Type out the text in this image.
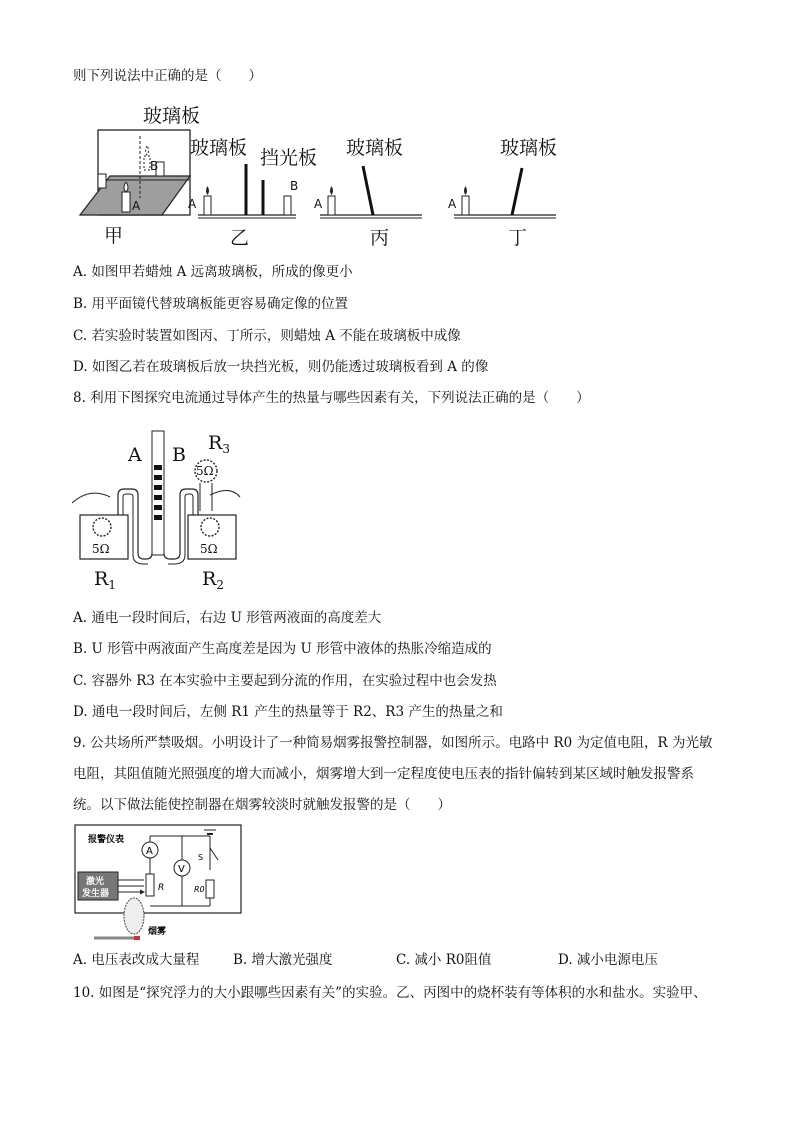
则下列说法中正确的是（　　）
玻璃板
A
B
甲
玻璃板 挡光板
A
B
乙
玻璃板
A
丙
玻璃板
A
丁
A. 如图甲若蜡烛 A 远离玻璃板，所成的像更小
B. 用平面镜代替玻璃板能更容易确定像的位置
C. 若实验时装置如图丙、丁所示，则蜡烛 A 不能在玻璃板中成像
D. 如图乙若在玻璃板后放一块挡光板，则仍能透过玻璃板看到 A 的像
8. 利用下图探究电流通过导体产生的热量与哪些因素有关，下列说法正确的是（　　）
A B
5Ω	5Ω
5Ω
$R_3$
$R_1$	$R_2$
A. 通电一段时间后，右边 U 形管两液面的高度差大
B. U 形管中两液面产生高度差是因为 U 形管中液体的热胀冷缩造成的
C. 容器外 R3 在本实验中主要起到分流的作用，在实验过程中也会发热
D. 通电一段时间后，左侧 R1 产生的热量等于 R2、R3 产生的热量之和
9. 公共场所严禁吸烟。小明设计了一种简易烟雾报警控制器，如图所示。电路中 R0 为定值电阻，R 为光敏
电阻，其阻值随光照强度的增大而减小，烟雾增大到一定程度使电压表的指针偏转到某区域时触发报警系
统。以下做法能使控制器在烟雾较淡时就触发报警的是（　　）
报警仪表
A
V
R	R0
S
激光
发生器
烟雾
A. 电压表改成大量程 B. 增大激光强度	C. 减小 R0阻值	D. 减小电源电压
10. 如图是“探究浮力的大小跟哪些因素有关”的实验。乙、丙图中的烧杯装有等体积的水和盐水。实验甲、
